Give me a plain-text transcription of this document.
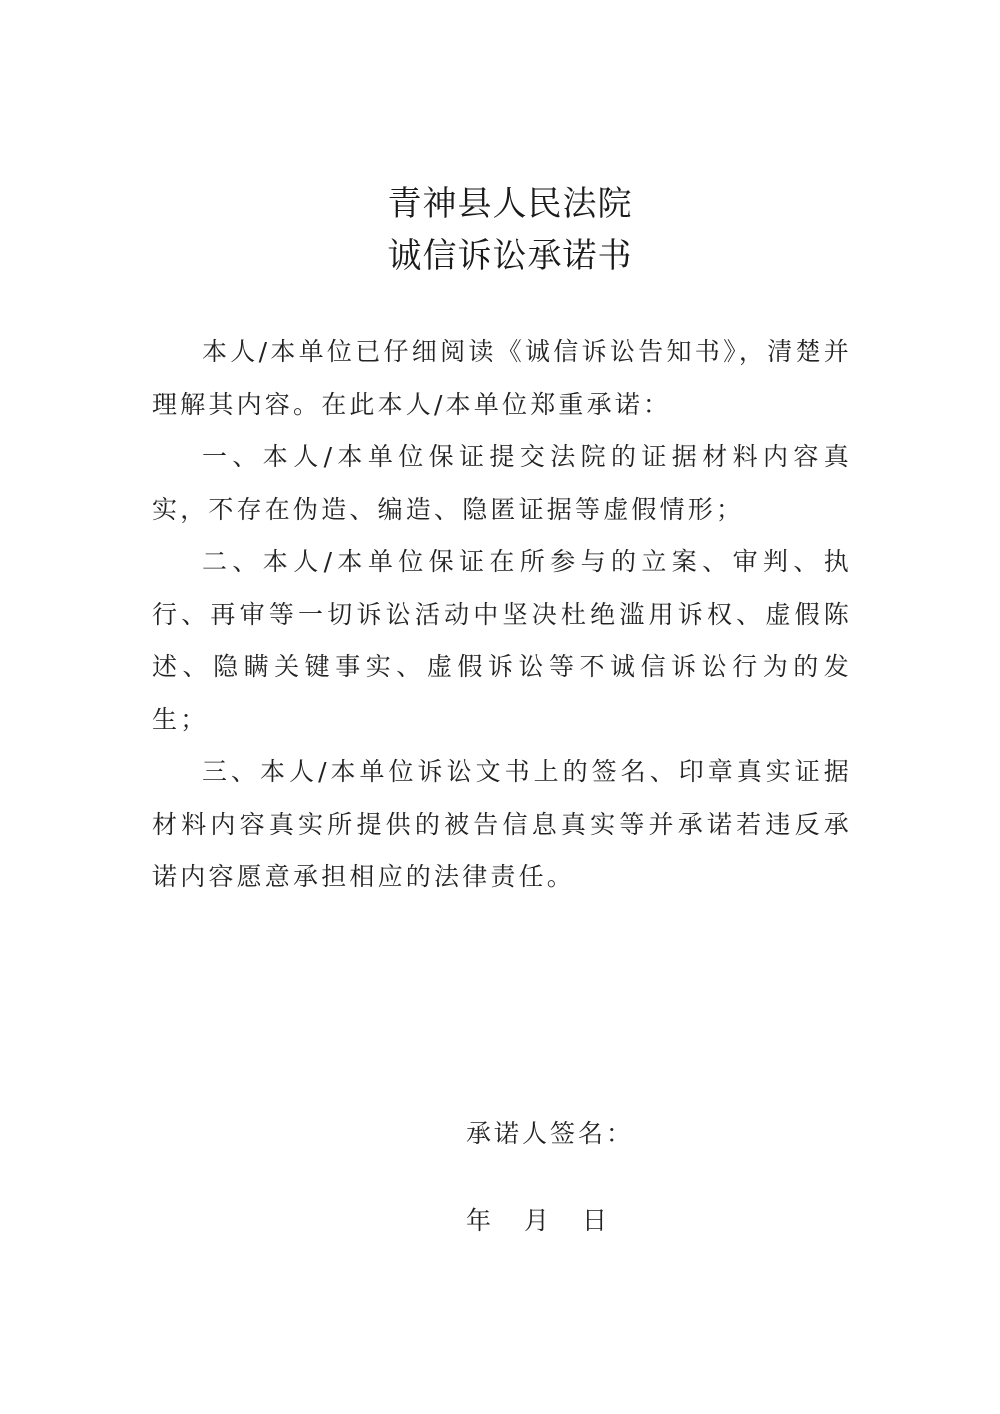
青神县人民法院
诚信诉讼承诺书

本人/本单位已仔细阅读《诚信诉讼告知书》，清楚并理解其内容。在此本人/本单位郑重承诺：

一、本人/本单位保证提交法院的证据材料内容真实，不存在伪造、编造、隐匿证据等虚假情形；

二、本人/本单位保证在所参与的立案、审判、执行、再审等一切诉讼活动中坚决杜绝滥用诉权、虚假陈述、隐瞒关键事实、虚假诉讼等不诚信诉讼行为的发生；

三、本人/本单位诉讼文书上的签名、印章真实证据材料内容真实所提供的被告信息真实等并承诺若违反承诺内容愿意承担相应的法律责任。

承诺人签名：
年 月 日
